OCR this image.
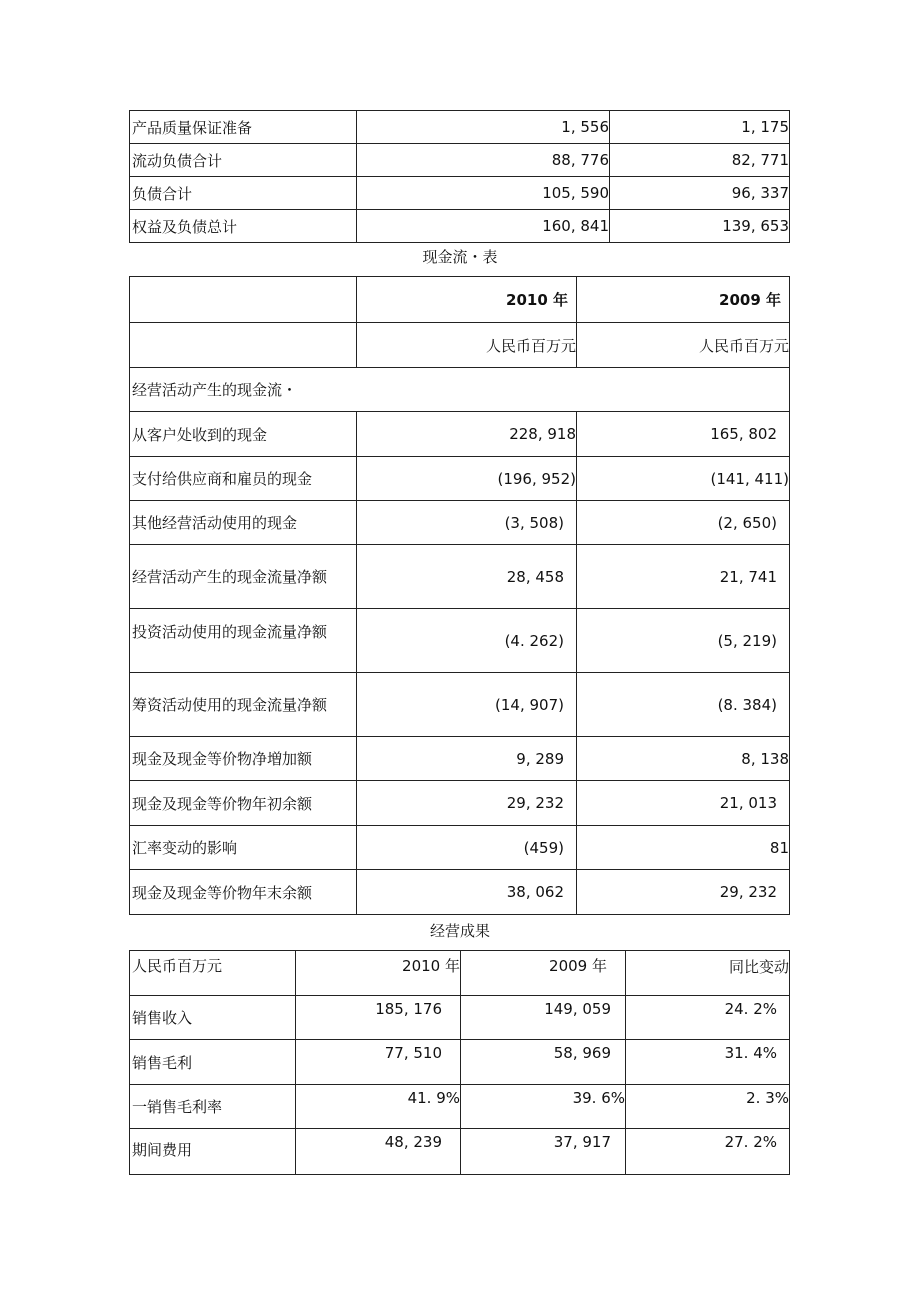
产品质量保证准备	1, 556	1, 175
流动负债合计	88, 776	82, 771
负债合计	105, 590	96, 337
权益及负债总计	160, 841	139, 653
现金流・表
	2010 年	2009 年
	人民币百万元	人民币百万元
经营活动产生的现金流・		
从客户处收到的现金	228, 918	165, 802
支付给供应商和雇员的现金	(196, 952)	(141, 411)
其他经营活动使用的现金	(3, 508)	(2, 650)
经营活动产生的现金流量净额	28, 458	21, 741
投资活动使用的现金流量净额	(4. 262)	(5, 219)
筹资活动使用的现金流量净额	(14, 907)	(8. 384)
现金及现金等价物净増加额	9, 289	8, 138
现金及现金等价物年初余额	29, 232	21, 013
汇率变动的影响	(459)	81
现金及现金等价物年末余额	38, 062	29, 232
经营成果
人民币百万元	2010 年	2009 年	同比变动
销售收入	185, 176	149, 059	24. 2%
销售毛利	77, 510	58, 969	31. 4%
一销售毛利率	41. 9%	39. 6%	2. 3%
期间费用	48, 239	37, 917	27. 2%
